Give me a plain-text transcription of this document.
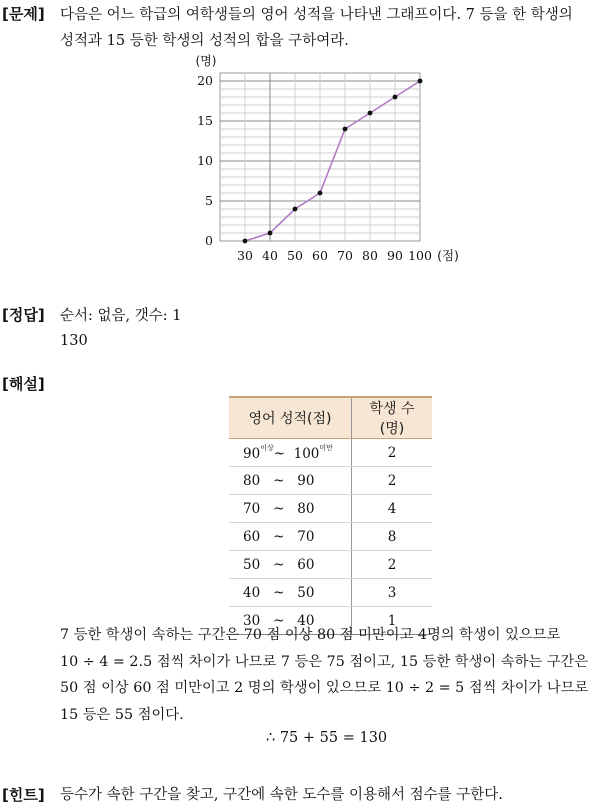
[문제] 다음은 어느 학급의 여학생들의 영어 성적을 나타낸 그래프이다. 7 등을 한 학생의 성적과 15 등한 학생의 성적의 합을 구하여라.
30 40 50 60 70 80 90 100 (점)
0
5
10
15
20
(명)
[정답] 순서: 없음, 갯수: 1
130
[해설]
영어 성적(점)	학생 수(명)
$90^{이상}\sim$ $100^{미만}$	2
80 ~ 90	2
70 ~ 80	4
60 ~ 70	8
50 ~ 60	2
40 ~ 50	3
30 ~ 40	1

7 등한 학생이 속하는 구간은 70 점 이상 80 점 미만이고 4명의 학생이 있으므로

10 ÷ 4 = 2.5 점씩 차이가 나므로 7 등은 75 점이고, 15 등한 학생이 속하는 구간은

50 점 이상 60 점 미만이고 2 명의 학생이 있으므로 10 ÷ 2 = 5 점씩 차이가 나므로

15 등은 55 점이다.

∴ 75 + 55 = 130
[힌트] 등수가 속한 구간을 찾고, 구간에 속한 도수를 이용해서 점수를 구한다.
